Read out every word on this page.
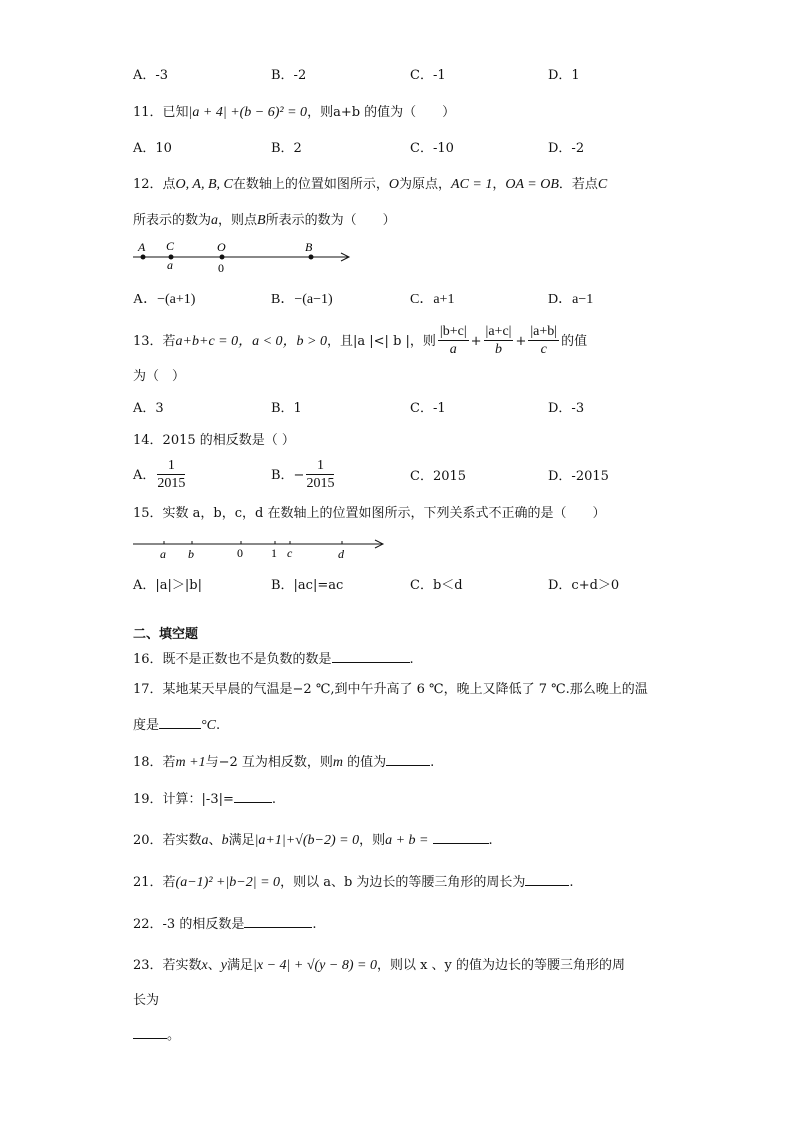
A．-3	B．-2	C．-1	D．1
11．已知|a + 4| +(b − 6)² = 0，则a+b 的值为（　　）
A．10	B．2	C．-10	D．-2
12．点O, A, B, C在数轴上的位置如图所示，O为原点，AC = 1，OA = OB．若点C
所表示的数为a，则点B所表示的数为（　　）
A C	O	B
a	0
A．−(a+1)	B．−(a−1)	C．a+1	D．a−1
13．若a+b+c = 0，a < 0，b > 0，且|a |<| b |，则 $\frac{|b+c|}{a} + \frac{|a+c|}{b} + \frac{|a+b|}{c}$ 的值
为（　）
A．3	B．1	C．-1	D．-3
14．2015 的相反数是（ ）
A． $\frac{1}{2015}$	B．− $\frac{1}{2015}$	C．2015	D．-2015
15．实数 a，b，c，d 在数轴上的位置如图所示，下列关系式不正确的是（　　）
a b	0 1 c	d
A．|a|＞|b|	B．|ac|=ac	C．b＜d	D．c+d＞0
二、填空题
16．既不是正数也不是负数的数是	.
17．某地某天早晨的气温是−2 ℃,到中午升高了 6 ℃，晚上又降低了 7 ℃.那么晚上的温
度是	°C.
18．若m +1与−2 互为相反数，则m 的值为	.
19．计算：|-3|=	.
20．若实数a、b满足|a+1|+√(b−2) = 0，则a + b =	.
21．若(a−1)² +|b−2| = 0，则以 a、b 为边长的等腰三角形的周长为	.
22．-3 的相反数是	.
23．若实数x、y满足|x − 4| + √(y − 8) = 0，则以 x 、y 的值为边长的等腰三角形的周
长为
。
